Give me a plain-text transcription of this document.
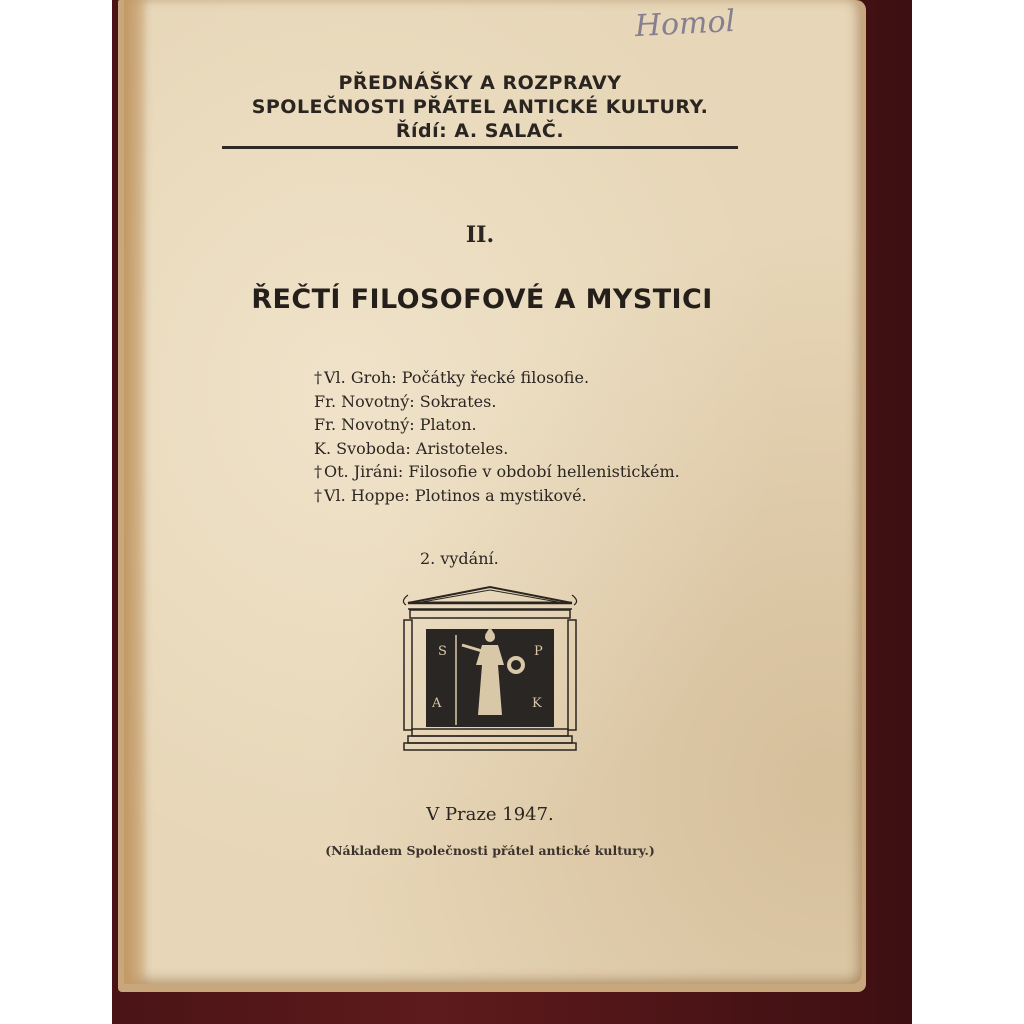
Homol
PŘEDNÁŠKY A ROZPRAVY
SPOLEČNOSTI PŘÁTEL ANTICKÉ KULTURY.
Řídí: A. SALAČ.
II.
ŘEČTÍ FILOSOFOVÉ A MYSTICI
† Vl. Groh: Počátky řecké filosofie.
Fr. Novotný: Sokrates.
Fr. Novotný: Platon.
K. Svoboda: Aristoteles.
† Ot. Jiráni: Filosofie v období hellenistickém.
† Vl. Hoppe: Plotinos a mystikové.
2. vydání.
S	P
A	K
V Praze 1947.
(Nákladem Společnosti přátel antické kultury.)
